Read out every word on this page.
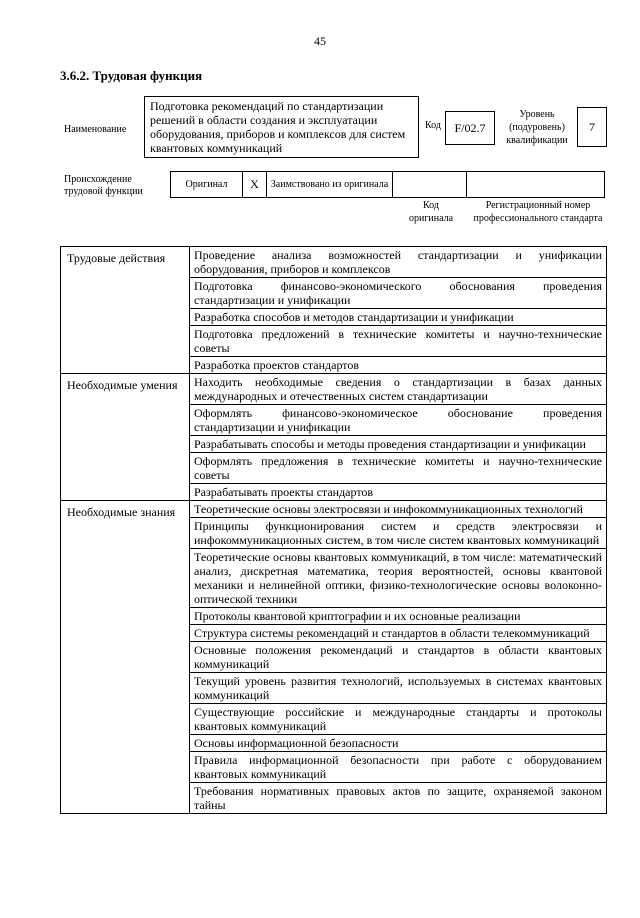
45
3.6.2. Трудовая функция
Наименование
Подготовка рекомендаций по стандартизации решений в области создания и эксплуатации оборудования, приборов и комплексов для систем квантовых коммуникаций
Код	F/02.7
Уровень (подуровень) квалификации
7
Происхождение трудовой функции
Оригинал	X	Заимствовано из оригинала		
Код оригинала
Регистрационный номер профессионального стандарта
Трудовые действия	Проведение анализа возможностей стандартизации и унификации оборудования, приборов и комплексов
	Подготовка финансово-экономического обоснования проведения стандартизации и унификации
	Разработка способов и методов стандартизации и унификации
	Подготовка предложений в технические комитеты и научно-технические советы
	Разработка проектов стандартов
Необходимые умения	Находить необходимые сведения о стандартизации в базах данных международных и отечественных систем стандартизации
	Оформлять финансово-экономическое обоснование проведения стандартизации и унификации
	Разрабатывать способы и методы проведения стандартизации и унификации
	Оформлять предложения в технические комитеты и научно-технические советы
	Разрабатывать проекты стандартов
Необходимые знания	Теоретические основы электросвязи и инфокоммуникационных технологий
	Принципы функционирования систем и средств электросвязи и инфокоммуникационных систем, в том числе систем квантовых коммуникаций
	Теоретические основы квантовых коммуникаций, в том числе: математический анализ, дискретная математика, теория вероятностей, основы квантовой механики и нелинейной оптики, физико-технологические основы волоконно-оптической техники
	Протоколы квантовой криптографии и их основные реализации
	Структура системы рекомендаций и стандартов в области телекоммуникаций
	Основные положения рекомендаций и стандартов в области квантовых коммуникаций
	Текущий уровень развития технологий, используемых в системах квантовых коммуникаций
	Существующие российские и международные стандарты и протоколы квантовых коммуникаций
	Основы информационной безопасности
	Правила информационной безопасности при работе с оборудованием квантовых коммуникаций
	Требования нормативных правовых актов по защите, охраняемой законом тайны
